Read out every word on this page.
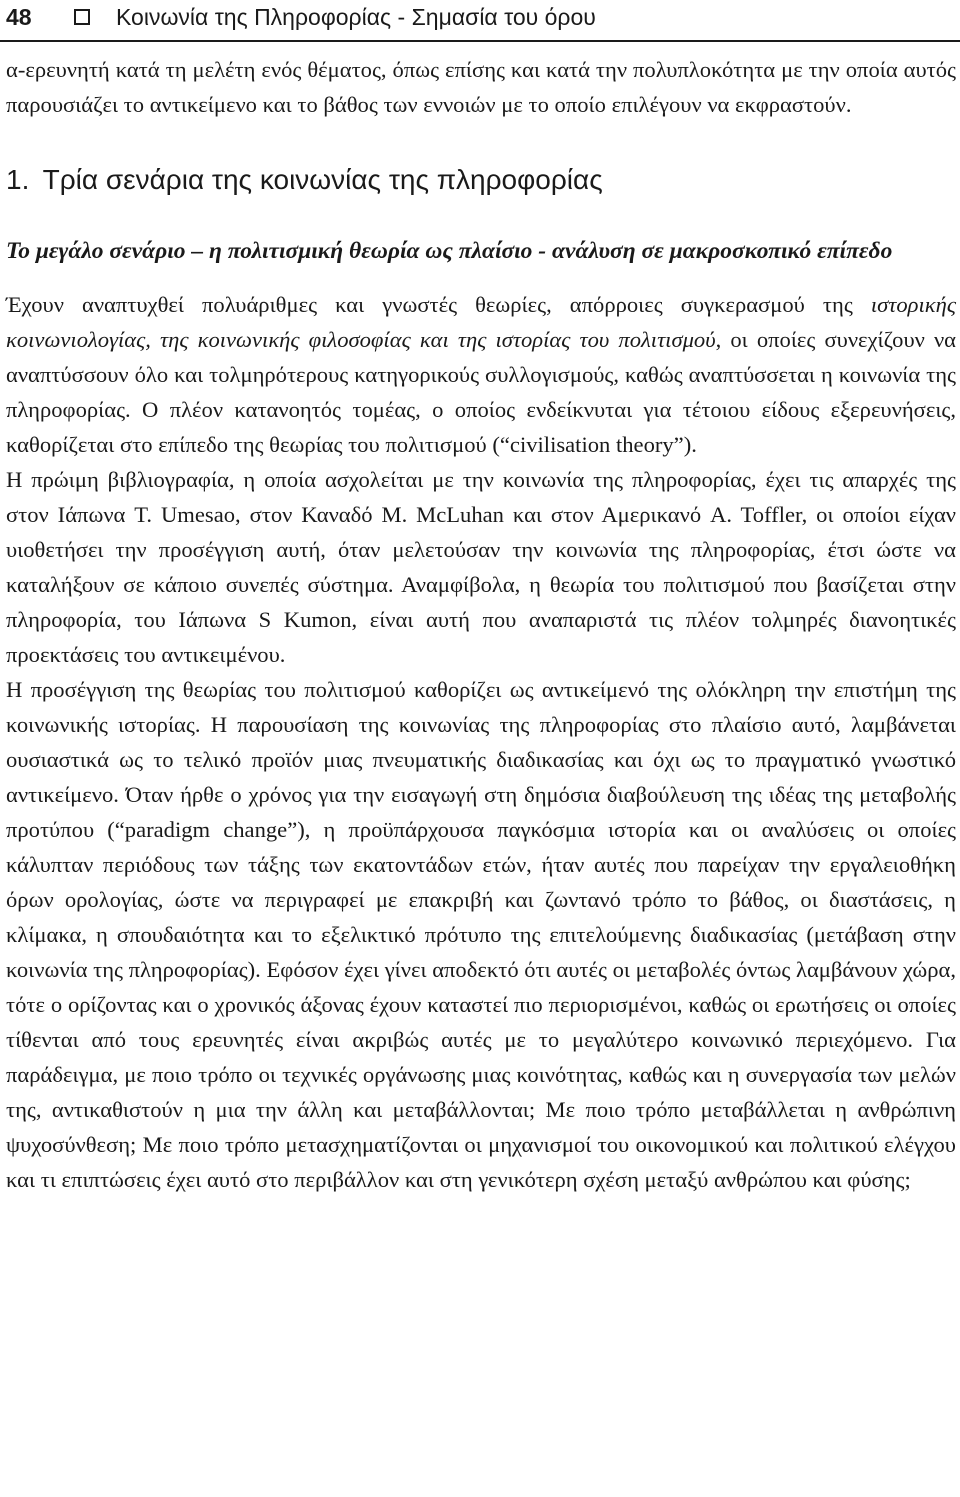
48	Κοινωνία της Πληροφορίας - Σημασία του όρου

α-ερευνητή κατά τη μελέτη ενός θέματος, όπως επίσης και κατά την πολυπλοκότητα με την οποία αυτός παρουσιάζει το αντικείμενο και το βάθος των εννοιών με το οποίο επιλέγουν να εκφραστούν.

1. Τρία σενάρια της κοινωνίας της πληροφορίας
Το μεγάλο σενάριο – η πολιτισμική θεωρία ως πλαίσιο - ανάλυση σε μακροσκοπικό επίπεδο

Έχουν αναπτυχθεί πολυάριθμες και γνωστές θεωρίες, απόρροιες συγκερασμού της ιστορικής κοινωνιολογίας, της κοινωνικής φιλοσοφίας και της ιστορίας του πολιτισμού, οι οποίες συνεχίζουν να αναπτύσσουν όλο και τολμηρότερους κατηγορικούς συλλογισμούς, καθώς αναπτύσσεται η κοινωνία της πληροφορίας. Ο πλέον κατανοητός τομέας, ο οποίος ενδείκνυται για τέτοιου είδους εξερευνήσεις, καθορίζεται στο επίπεδο της θεωρίας του πολιτισμού (“civilisation theory”).

Η πρώιμη βιβλιογραφία, η οποία ασχολείται με την κοινωνία της πληροφορίας, έχει τις απαρχές της στον Ιάπωνα T. Umesao, στον Καναδό M. McLuhan και στον Αμερικανό A. Toffler, οι οποίοι είχαν υιοθετήσει την προσέγγιση αυτή, όταν μελετούσαν την κοινωνία της πληροφορίας, έτσι ώστε να καταλήξουν σε κάποιο συνεπές σύστημα. Αναμφίβολα, η θεωρία του πολιτισμού που βασίζεται στην πληροφορία, του Ιάπωνα S Kumon, είναι αυτή που αναπαριστά τις πλέον τολμηρές διανοητικές προεκτάσεις του αντικειμένου.

Η προσέγγιση της θεωρίας του πολιτισμού καθορίζει ως αντικείμενό της ολόκληρη την επιστήμη της κοινωνικής ιστορίας. Η παρουσίαση της κοινωνίας της πληροφορίας στο πλαίσιο αυτό, λαμβάνεται ουσιαστικά ως το τελικό προϊόν μιας πνευματικής διαδικασίας και όχι ως το πραγματικό γνωστικό αντικείμενο. Όταν ήρθε ο χρόνος για την εισαγωγή στη δημόσια διαβούλευση της ιδέας της μεταβολής προτύπου (“paradigm change”), η προϋπάρχουσα παγκόσμια ιστορία και οι αναλύσεις οι οποίες κάλυπταν περιόδους των τάξης των εκατοντάδων ετών, ήταν αυτές που παρείχαν την εργαλειοθήκη όρων ορολογίας, ώστε να περιγραφεί με επακριβή και ζωντανό τρόπο το βάθος, οι διαστάσεις, η κλίμακα, η σπουδαιότητα και το εξελικτικό πρότυπο της επιτελούμενης διαδικασίας (μετάβαση στην κοινωνία της πληροφορίας). Εφόσον έχει γίνει αποδεκτό ότι αυτές οι μεταβολές όντως λαμβάνουν χώρα, τότε ο ορίζοντας και ο χρονικός άξονας έχουν καταστεί πιο περιορισμένοι, καθώς οι ερωτήσεις οι οποίες τίθενται από τους ερευνητές είναι ακριβώς αυτές με το μεγαλύτερο κοινωνικό περιεχόμενο. Για παράδειγμα, με ποιο τρόπο οι τεχνικές οργάνωσης μιας κοινότητας, καθώς και η συνεργασία των μελών της, αντικαθιστούν η μια την άλλη και μεταβάλλονται; Με ποιο τρόπο μεταβάλλεται η ανθρώπινη ψυχοσύνθεση; Με ποιο τρόπο μετασχηματίζονται οι μηχανισμοί του οικονομικού και πολιτικού ελέγχου και τι επιπτώσεις έχει αυτό στο περιβάλλον και στη γενικότερη σχέση μεταξύ ανθρώπου και φύσης;
